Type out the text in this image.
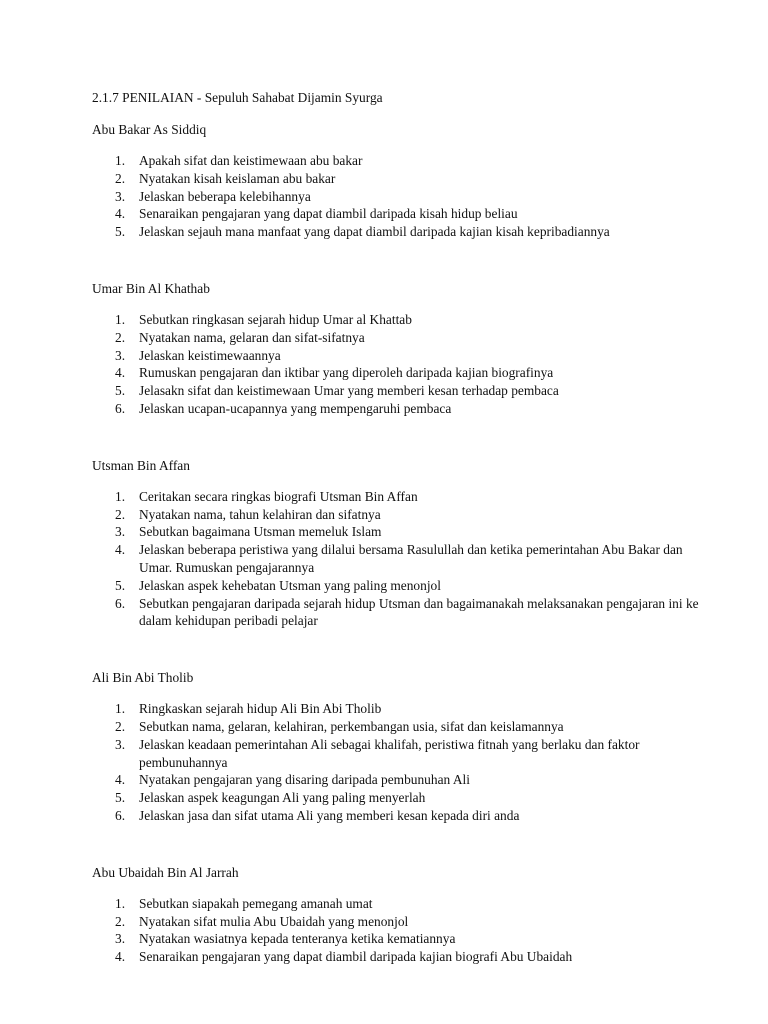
2.1.7 PENILAIAN - Sepuluh Sahabat Dijamin Syurga

Abu Bakar As Siddiq

1. Apakah sifat dan keistimewaan abu bakar
2. Nyatakan kisah keislaman abu bakar
3. Jelaskan beberapa kelebihannya
4. Senaraikan pengajaran yang dapat diambil daripada kisah hidup beliau
5. Jelaskan sejauh mana manfaat yang dapat diambil daripada kajian kisah kepribadiannya

Umar Bin Al Khathab

1. Sebutkan ringkasan sejarah hidup Umar al Khattab
2. Nyatakan nama, gelaran dan sifat-sifatnya
3. Jelaskan keistimewaannya
4. Rumuskan pengajaran dan iktibar yang diperoleh daripada kajian biografinya
5. Jelasakn sifat dan keistimewaan Umar yang memberi kesan terhadap pembaca
6. Jelaskan ucapan-ucapannya yang mempengaruhi pembaca

Utsman Bin Affan

1. Ceritakan secara ringkas biografi Utsman Bin Affan
2. Nyatakan nama, tahun kelahiran dan sifatnya
3. Sebutkan bagaimana Utsman memeluk Islam
4. Jelaskan beberapa peristiwa yang dilalui bersama Rasulullah dan ketika pemerintahan Abu Bakar dan Umar. Rumuskan pengajarannya
5. Jelaskan aspek kehebatan Utsman yang paling menonjol
6. Sebutkan pengajaran daripada sejarah hidup Utsman dan bagaimanakah melaksanakan pengajaran ini ke dalam kehidupan peribadi pelajar

Ali Bin Abi Tholib

1. Ringkaskan sejarah hidup Ali Bin Abi Tholib
2. Sebutkan nama, gelaran, kelahiran, perkembangan usia, sifat dan keislamannya
3. Jelaskan keadaan pemerintahan Ali sebagai khalifah, peristiwa fitnah yang berlaku dan faktor pembunuhannya
4. Nyatakan pengajaran yang disaring daripada pembunuhan Ali
5. Jelaskan aspek keagungan Ali yang paling menyerlah
6. Jelaskan jasa dan sifat utama Ali yang memberi kesan kepada diri anda

Abu Ubaidah Bin Al Jarrah

1. Sebutkan siapakah pemegang amanah umat
2. Nyatakan sifat mulia Abu Ubaidah yang menonjol
3. Nyatakan wasiatnya kepada tenteranya ketika kematiannya
4. Senaraikan pengajaran yang dapat diambil daripada kajian biografi Abu Ubaidah
